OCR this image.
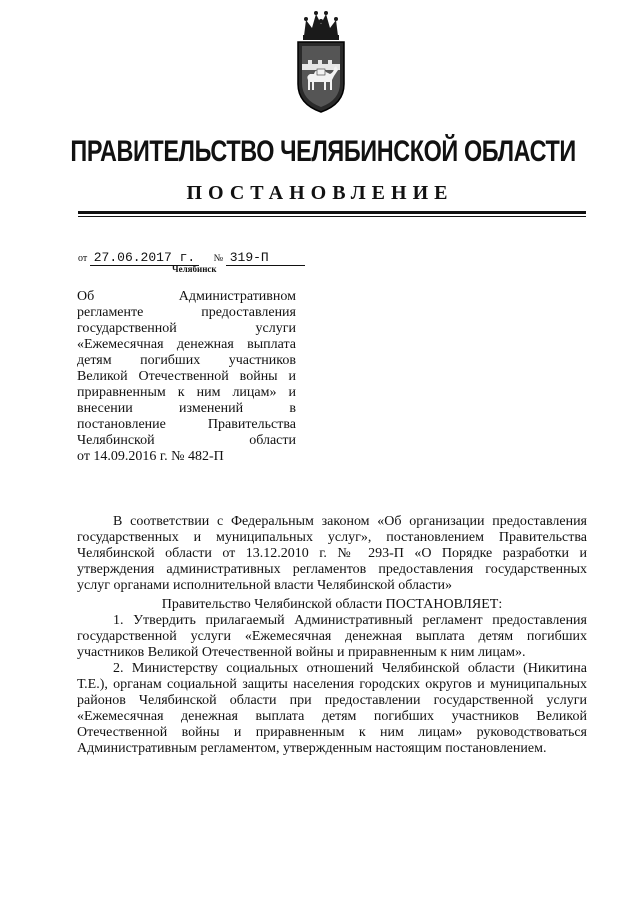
ПРАВИТЕЛЬСТВО ЧЕЛЯБИНСКОЙ ОБЛАСТИ
ПОСТАНОВЛЕНИЕ
от 27.06.2017 г. № 319-П
Челябинск
Об Административном
регламенте предоставления
государственной услуги
«Ежемесячная денежная выплата
детям погибших участников
Великой Отечественной войны и
приравненным к ним лицам» и
внесении изменений в
постановление Правительства
Челябинской области
от 14.09.2016 г. № 482-П

В соответствии с Федеральным законом «Об организации предоставления государственных и муниципальных услуг», постановлением Правительства Челябинской области от 13.12.2010 г. № 293-П «О Порядке разработки и утверждения административных регламентов предоставления государственных услуг органами исполнительной власти Челябинской области»

Правительство Челябинской области ПОСТАНОВЛЯЕТ:

1. Утвердить прилагаемый Административный регламент предоставления государственной услуги «Ежемесячная денежная выплата детям погибших участников Великой Отечественной войны и приравненным к ним лицам».

2. Министерству социальных отношений Челябинской области (Никитина Т.Е.), органам социальной защиты населения городских округов и муниципальных районов Челябинской области при предоставлении государственной услуги «Ежемесячная денежная выплата детям погибших участников Великой Отечественной войны и приравненным к ним лицам» руководствоваться Административным регламентом, утвержденным настоящим постановлением.
